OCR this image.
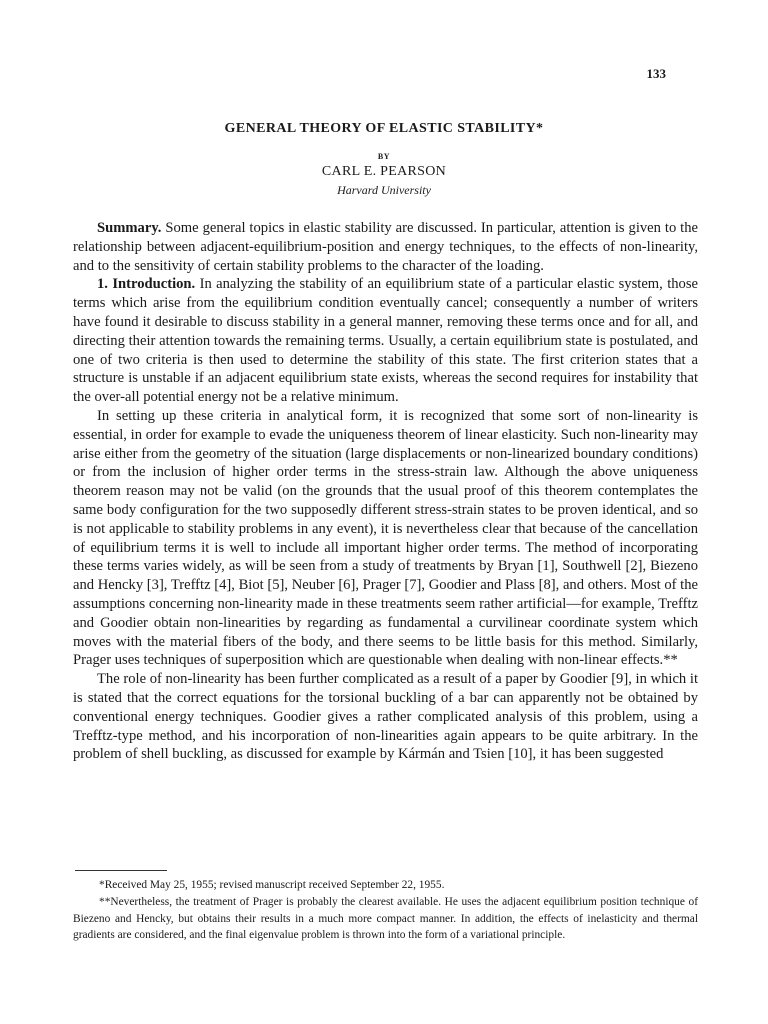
133
GENERAL THEORY OF ELASTIC STABILITY*
BY
CARL E. PEARSON
Harvard University

Summary. Some general topics in elastic stability are discussed. In particular, attention is given to the relationship between adjacent-equilibrium-position and energy techniques, to the effects of non-linearity, and to the sensitivity of certain stability problems to the character of the loading.

1. Introduction. In analyzing the stability of an equilibrium state of a particular elastic system, those terms which arise from the equilibrium condition eventually cancel; consequently a number of writers have found it desirable to discuss stability in a general manner, removing these terms once and for all, and directing their attention towards the remaining terms. Usually, a certain equilibrium state is postulated, and one of two criteria is then used to determine the stability of this state. The first criterion states that a structure is unstable if an adjacent equilibrium state exists, whereas the second requires for instability that the over-all potential energy not be a relative minimum.

In setting up these criteria in analytical form, it is recognized that some sort of non-linearity is essential, in order for example to evade the uniqueness theorem of linear elasticity. Such non-linearity may arise either from the geometry of the situation (large displacements or non-linearized boundary conditions) or from the inclusion of higher order terms in the stress-strain law. Although the above uniqueness theorem reason may not be valid (on the grounds that the usual proof of this theorem contemplates the same body configuration for the two supposedly different stress-strain states to be proven identical, and so is not applicable to stability problems in any event), it is nevertheless clear that because of the cancellation of equilibrium terms it is well to include all important higher order terms. The method of incorporating these terms varies widely, as will be seen from a study of treatments by Bryan [1], Southwell [2], Biezeno and Hencky [3], Trefftz [4], Biot [5], Neuber [6], Prager [7], Goodier and Plass [8], and others. Most of the assumptions concerning non-linearity made in these treatments seem rather artificial—for example, Trefftz and Goodier obtain non-linearities by regarding as fundamental a curvilinear coordinate system which moves with the material fibers of the body, and there seems to be little basis for this method. Similarly, Prager uses techniques of superposition which are questionable when dealing with non-linear effects.**

The role of non-linearity has been further complicated as a result of a paper by Goodier [9], in which it is stated that the correct equations for the torsional buckling of a bar can apparently not be obtained by conventional energy techniques. Goodier gives a rather complicated analysis of this problem, using a Trefftz-type method, and his incorporation of non-linearities again appears to be quite arbitrary. In the problem of shell buckling, as discussed for example by Kármán and Tsien [10], it has been suggested

*Received May 25, 1955; revised manuscript received September 22, 1955.

**Nevertheless, the treatment of Prager is probably the clearest available. He uses the adjacent equilibrium position technique of Biezeno and Hencky, but obtains their results in a much more compact manner. In addition, the effects of inelasticity and thermal gradients are considered, and the final eigenvalue problem is thrown into the form of a variational principle.
